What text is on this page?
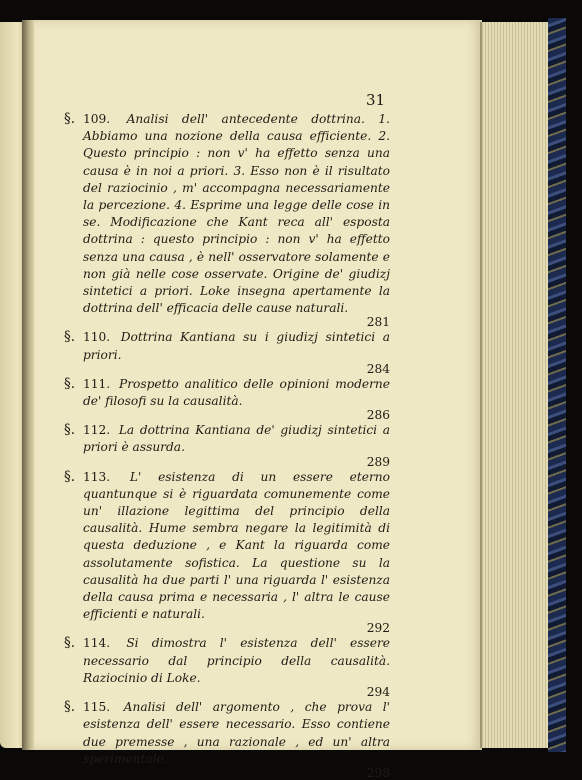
31
§. 109. Analisi dell' antecedente dottrina. 1. Abbiamo una nozione della causa efficiente. 2. Questo principio : non v' ha effetto senza una causa è in noi a priori. 3. Esso non è il risultato del raziocinio , m' accompagna necessariamente la percezione. 4. Esprime una legge delle cose in se. Modificazione che Kant reca all' esposta dottrina : questo principio : non v' ha effetto senza una causa , è nell' osservatore solamente e non già nelle cose osservate. Origine de' giudizj sintetici a priori. Loke insegna apertamente la dottrina dell' efficacia delle cause naturali.
281
§. 110. Dottrina Kantiana su i giudizj sintetici a priori.
284
§. 111. Prospetto analitico delle opinioni moderne de' filosofi su la causalità.
286
§. 112. La dottrina Kantiana de' giudizj sintetici a priori è assurda.
289
§. 113. L' esistenza di un essere eterno quantunque si è riguardata comunemente come un' illazione legittima del principio della causalità. Hume sembra negare la legitimità di questa deduzione , e Kant la riguarda come assolutamente sofistica. La questione su la causalità ha due parti l' una riguarda l' esistenza della causa prima e necessaria , l' altra le cause efficienti e naturali.
292
§. 114. Si dimostra l' esistenza dell' essere necessario dal principio della causalità. Raziocinio di Loke.
294
§. 115. Analisi dell' argomento , che prova l' esistenza dell' essere necessario. Esso contiene due premesse , una razionale , ed un' altra sperimentale.
298
